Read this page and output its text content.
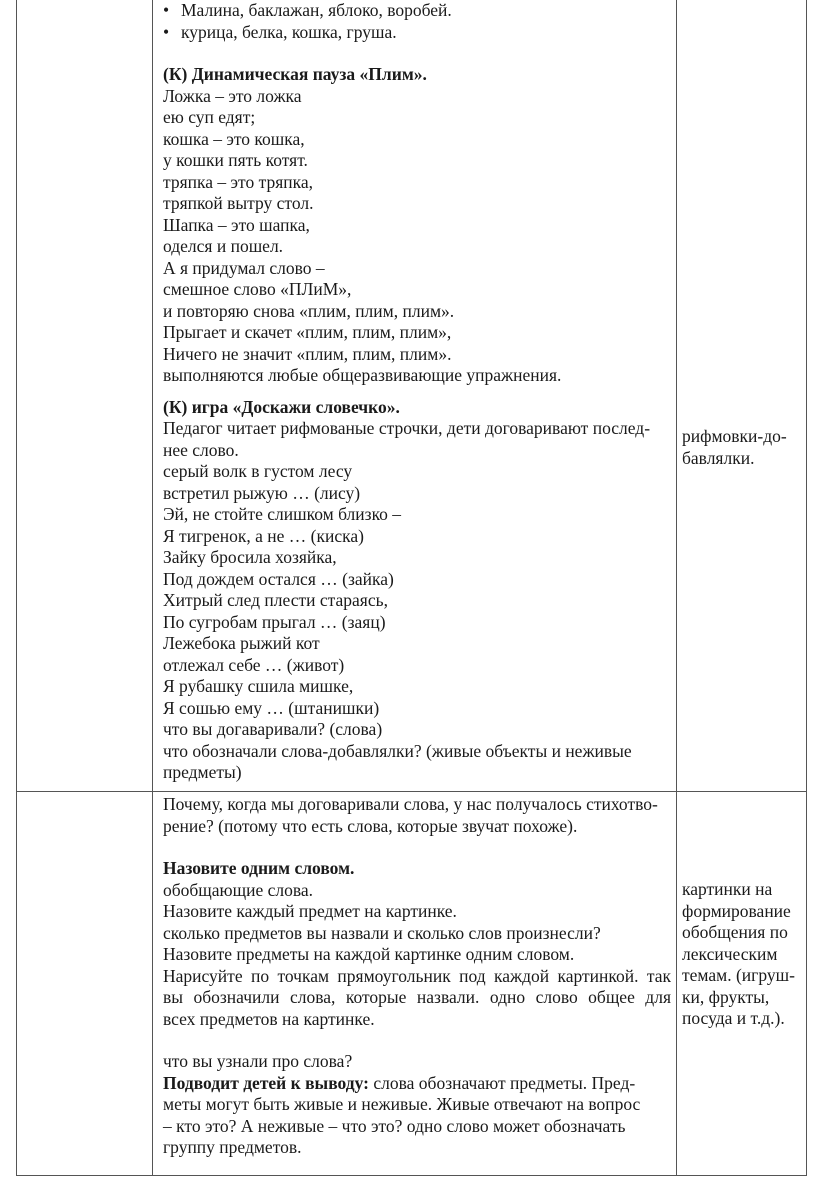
• Малина, баклажан, яблоко, воробей.

• курица, белка, кошка, груша.

(К) Динамическая пауза «Плим».

Ложка – это ложка

ею суп едят;

кошка – это кошка,

у кошки пять котят.

тряпка – это тряпка,

тряпкой вытру стол.

Шапка – это шапка,

оделся и пошел.

А я придумал слово –

смешное слово «ПЛиМ»,

и повторяю снова «плим, плим, плим».

Прыгает и скачет «плим, плим, плим»,

Ничего не значит «плим, плим, плим».

выполняются любые общеразвивающие упражнения.

(К) игра «Доскажи словечко».

Педагог читает рифмованые строчки, дети договаривают послед-

нее слово.

серый волк в густом лесу

встретил рыжую … (лису)

Эй, не стойте слишком близко –

Я тигренок, а не … (киска)

Зайку бросила хозяйка,

Под дождем остался … (зайка)

Хитрый след плести стараясь,

По сугробам прыгал … (заяц)

Лежебока рыжий кот

отлежал себе … (живот)

Я рубашку сшила мишке,

Я сошью ему … (штанишки)

что вы догаваривали? (слова)

что обозначали слова-добавлялки? (живые объекты и неживые

предметы)

рифмовки-до-

бавлялки.

Почему, когда мы договаривали слова, у нас получалось стихотво-

рение? (потому что есть слова, которые звучат похоже).

Назовите одним словом.

обобщающие слова.

Назовите каждый предмет на картинке.

сколько предметов вы назвали и сколько слов произнесли?

Назовите предметы на каждой картинке одним словом.

Нарисуйте по точкам прямоугольник под каждой картинкой. так

вы обозначили слова, которые назвали. одно слово общее для

всех предметов на картинке.

что вы узнали про слова?

Подводит детей к выводу: слова обозначают предметы. Пред-

меты могут быть живые и неживые. Живые отвечают на вопрос

– кто это? А неживые – что это? одно слово может обозначать

группу предметов.

картинки на

формирование

обобщения по

лексическим

темам. (игруш-

ки, фрукты,

посуда и т.д.).
